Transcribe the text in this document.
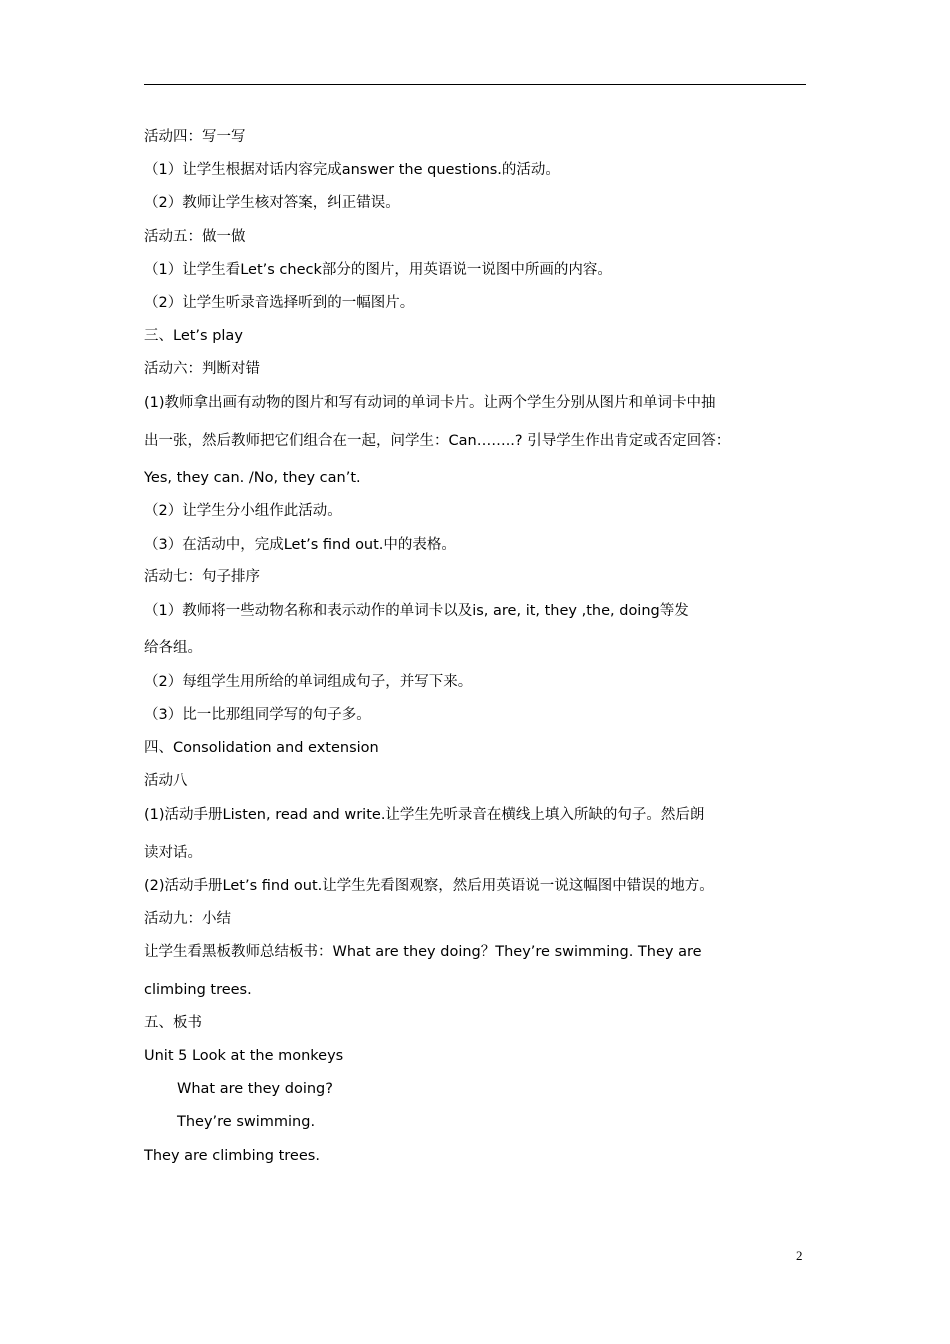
活动四：写一写
（1）让学生根据对话内容完成answer the questions.的活动。
（2）教师让学生核对答案，纠正错误。
活动五：做一做
（1）让学生看Let’s check部分的图片，用英语说一说图中所画的内容。
（2）让学生听录音选择听到的一幅图片。
三、Let’s play
活动六：判断对错
(1)教师拿出画有动物的图片和写有动词的单词卡片。让两个学生分别从图片和单词卡中抽
出一张，然后教师把它们组合在一起，问学生：Can……..? 引导学生作出肯定或否定回答：
Yes, they can. /No, they can’t.
（2）让学生分小组作此活动。
（3）在活动中，完成Let’s find out.中的表格。
活动七：句子排序
（1）教师将一些动物名称和表示动作的单词卡以及is, are, it, they ,the, doing等发
给各组。
（2）每组学生用所给的单词组成句子，并写下来。
（3）比一比那组同学写的句子多。
四、Consolidation and extension
活动八
(1)活动手册Listen, read and write.让学生先听录音在横线上填入所缺的句子。然后朗
读对话。
(2)活动手册Let’s find out.让学生先看图观察，然后用英语说一说这幅图中错误的地方。
活动九：小结
让学生看黑板教师总结板书：What are they doing？They’re swimming. They are
climbing trees.
五、板书
Unit 5 Look at the monkeys
What are they doing?
They’re swimming.
They are climbing trees.
2
